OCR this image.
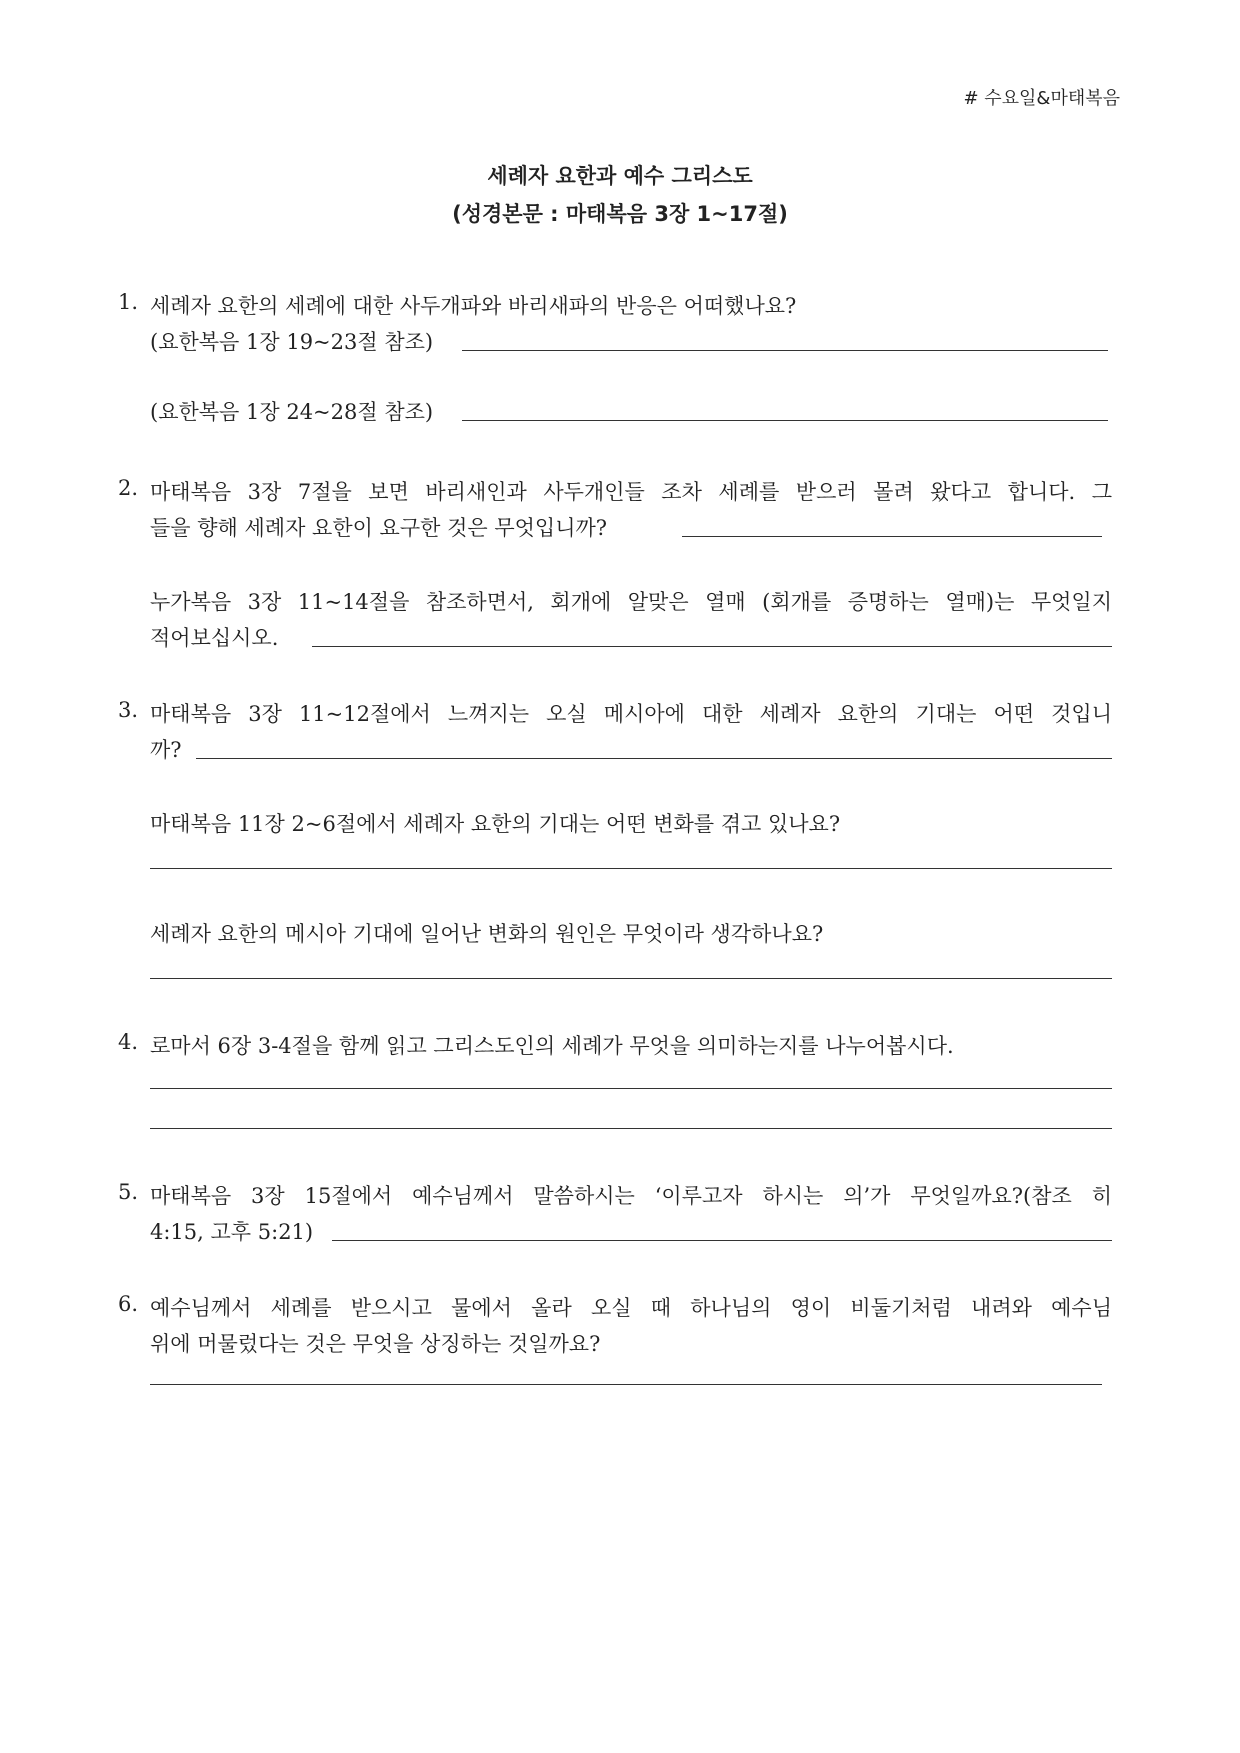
# 수요일&마태복음
세례자 요한과 예수 그리스도
(성경본문 : 마태복음 3장 1~17절)
1. 세례자 요한의 세례에 대한 사두개파와 바리새파의 반응은 어떠했나요?
(요한복음 1장 19~23절 참조)
(요한복음 1장 24~28절 참조)
2. 마태복음 3장 7절을 보면 바리새인과 사두개인들 조차 세례를 받으러 몰려 왔다고 합니다. 그
들을 향해 세례자 요한이 요구한 것은 무엇입니까?
누가복음 3장 11~14절을 참조하면서, 회개에 알맞은 열매 (회개를 증명하는 열매)는 무엇일지
적어보십시오.
3. 마태복음 3장 11~12절에서 느껴지는 오실 메시아에 대한 세례자 요한의 기대는 어떤 것입니
까?
마태복음 11장 2~6절에서 세례자 요한의 기대는 어떤 변화를 겪고 있나요?
세례자 요한의 메시아 기대에 일어난 변화의 원인은 무엇이라 생각하나요?
4. 로마서 6장 3-4절을 함께 읽고 그리스도인의 세례가 무엇을 의미하는지를 나누어봅시다.
5. 마태복음 3장 15절에서 예수님께서 말씀하시는 ‘이루고자 하시는 의’가 무엇일까요?(참조 히
4:15, 고후 5:21)
6. 예수님께서 세례를 받으시고 물에서 올라 오실 때 하나님의 영이 비둘기처럼 내려와 예수님
위에 머물렀다는 것은 무엇을 상징하는 것일까요?
